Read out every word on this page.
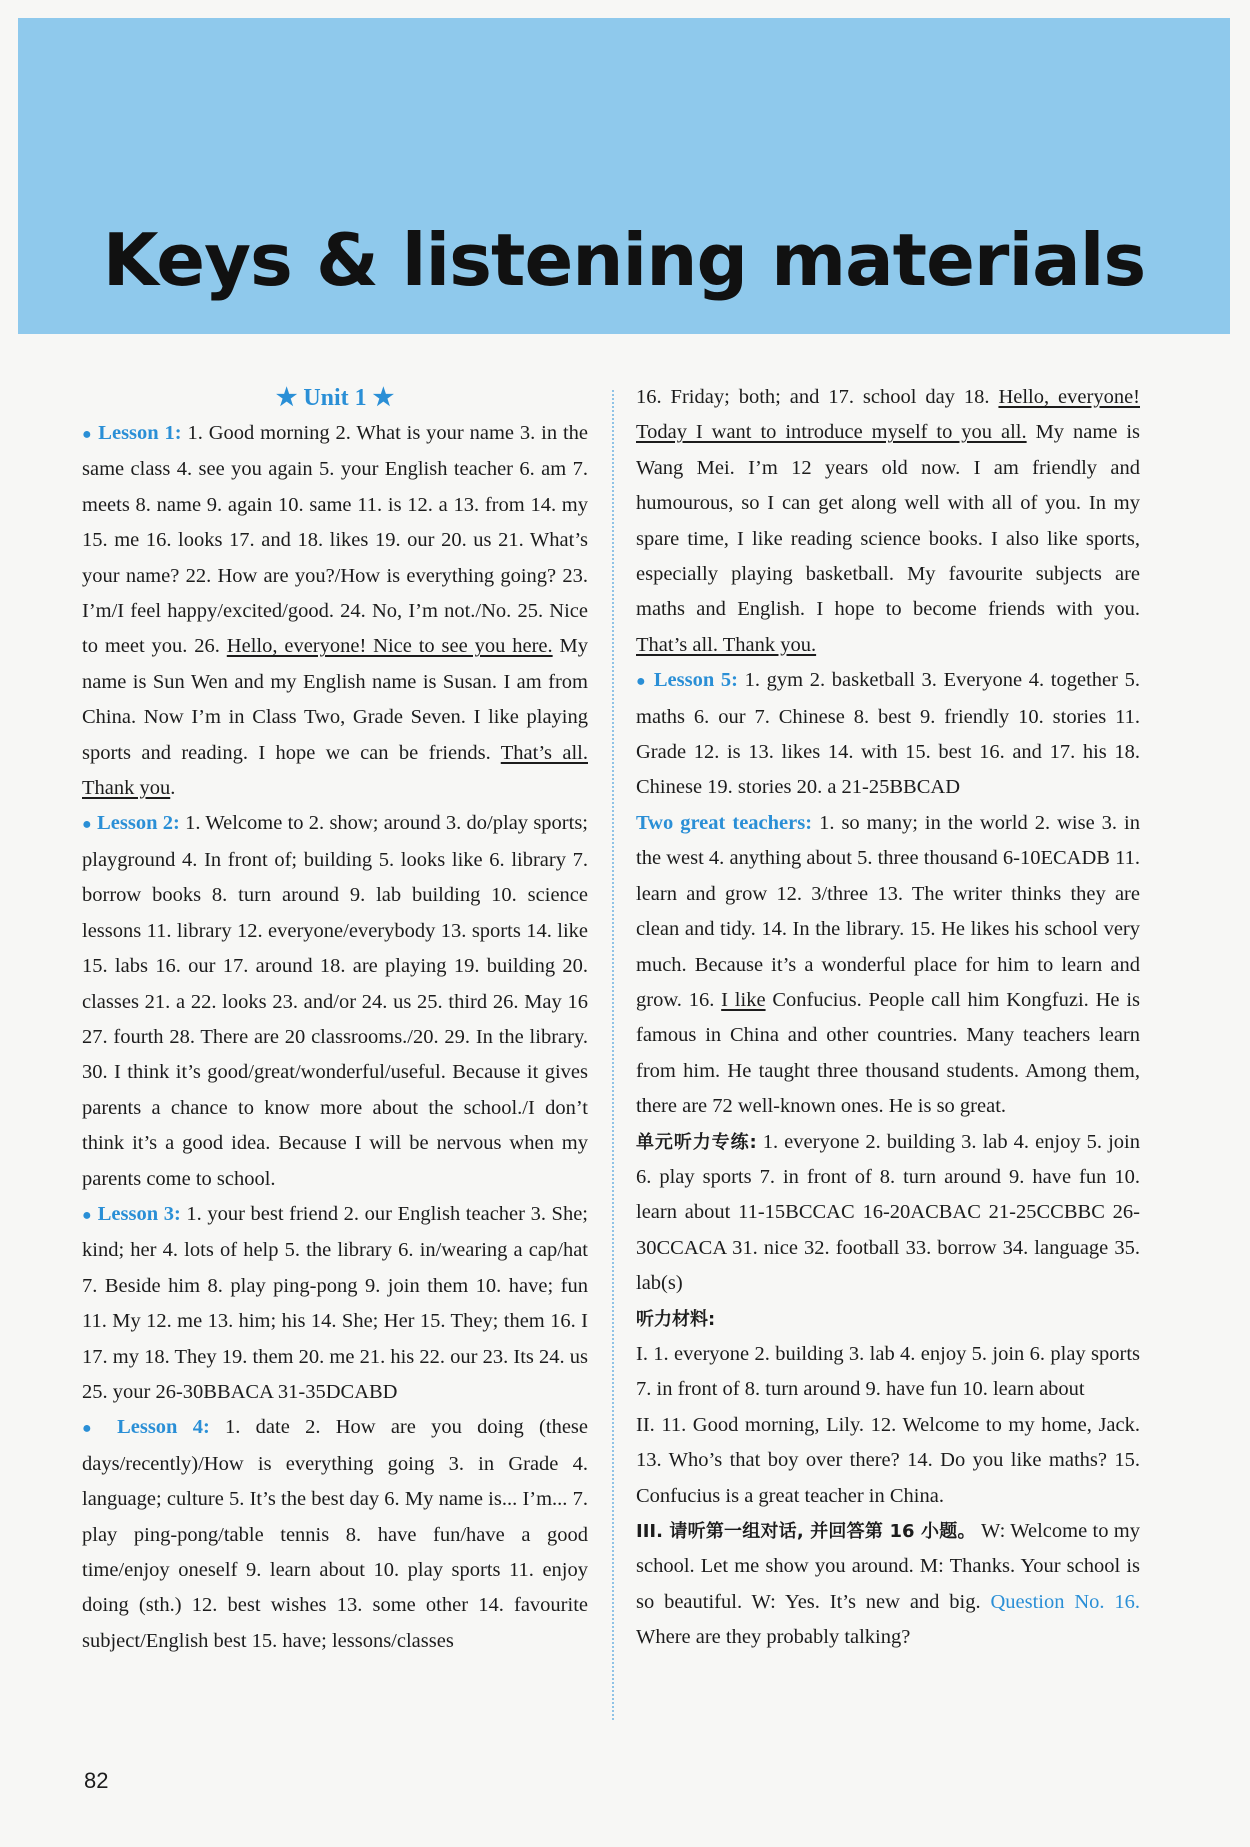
Keys & listening materials

★ Unit 1 ★

● Lesson 1: 1. Good morning 2. What is your name 3. in the same class 4. see you again 5. your English teacher 6. am 7. meets 8. name 9. again 10. same 11. is 12. a 13. from 14. my 15. me 16. looks 17. and 18. likes 19. our 20. us 21. What’s your name? 22. How are you?/How is everything going? 23. I’m/I feel happy/excited/good. 24. No, I’m not./No. 25. Nice to meet you. 26. Hello, everyone! Nice to see you here. My name is Sun Wen and my English name is Susan. I am from China. Now I’m in Class Two, Grade Seven. I like playing sports and reading. I hope we can be friends. That’s all. Thank you.

● Lesson 2: 1. Welcome to 2. show; around 3. do/play sports; playground 4. In front of; building 5. looks like 6. library 7. borrow books 8. turn around 9. lab building 10. science lessons 11. library 12. everyone/everybody 13. sports 14. like 15. labs 16. our 17. around 18. are playing 19. building 20. classes 21. a 22. looks 23. and/or 24. us 25. third 26. May 16 27. fourth 28. There are 20 classrooms./20. 29. In the library. 30. I think it’s good/great/wonderful/useful. Because it gives parents a chance to know more about the school./I don’t think it’s a good idea. Because I will be nervous when my parents come to school.

● Lesson 3: 1. your best friend 2. our English teacher 3. She; kind; her 4. lots of help 5. the library 6. in/wearing a cap/hat 7. Beside him 8. play ping-pong 9. join them 10. have; fun 11. My 12. me 13. him; his 14. She; Her 15. They; them 16. I 17. my 18. They 19. them 20. me 21. his 22. our 23. Its 24. us 25. your 26-30BBACA 31-35DCABD

● Lesson 4: 1. date 2. How are you doing (these days/recently)/How is everything going 3. in Grade 4. language; culture 5. It’s the best day 6. My name is... I’m... 7. play ping-pong/table tennis 8. have fun/have a good time/enjoy oneself 9. learn about 10. play sports 11. enjoy doing (sth.) 12. best wishes 13. some other 14. favourite subject/English best 15. have; lessons/classes

16. Friday; both; and 17. school day 18. Hello, everyone! Today I want to introduce myself to you all. My name is Wang Mei. I’m 12 years old now. I am friendly and humourous, so I can get along well with all of you. In my spare time, I like reading science books. I also like sports, especially playing basketball. My favourite subjects are maths and English. I hope to become friends with you. That’s all. Thank you.

● Lesson 5: 1. gym 2. basketball 3. Everyone 4. together 5. maths 6. our 7. Chinese 8. best 9. friendly 10. stories 11. Grade 12. is 13. likes 14. with 15. best 16. and 17. his 18. Chinese 19. stories 20. a 21-25BBCAD

Two great teachers: 1. so many; in the world 2. wise 3. in the west 4. anything about 5. three thousand 6-10ECADB 11. learn and grow 12. 3/three 13. The writer thinks they are clean and tidy. 14. In the library. 15. He likes his school very much. Because it’s a wonderful place for him to learn and grow. 16. I like Confucius. People call him Kongfuzi. He is famous in China and other countries. Many teachers learn from him. He taught three thousand students. Among them, there are 72 well-known ones. He is so great.

单元听力专练: 1. everyone 2. building 3. lab 4. enjoy 5. join 6. play sports 7. in front of 8. turn around 9. have fun 10. learn about 11-15BCCAC 16-20ACBAC 21-25CCBBC 26-30CCACA 31. nice 32. football 33. borrow 34. language 35. lab(s)

听力材料:

I. 1. everyone 2. building 3. lab 4. enjoy 5. join 6. play sports 7. in front of 8. turn around 9. have fun 10. learn about

II. 11. Good morning, Lily. 12. Welcome to my home, Jack. 13. Who’s that boy over there? 14. Do you like maths? 15. Confucius is a great teacher in China.

III. 请听第一组对话, 并回答第 16 小题。 W: Welcome to my school. Let me show you around. M: Thanks. Your school is so beautiful. W: Yes. It’s new and big. Question No. 16. Where are they probably talking?

82
